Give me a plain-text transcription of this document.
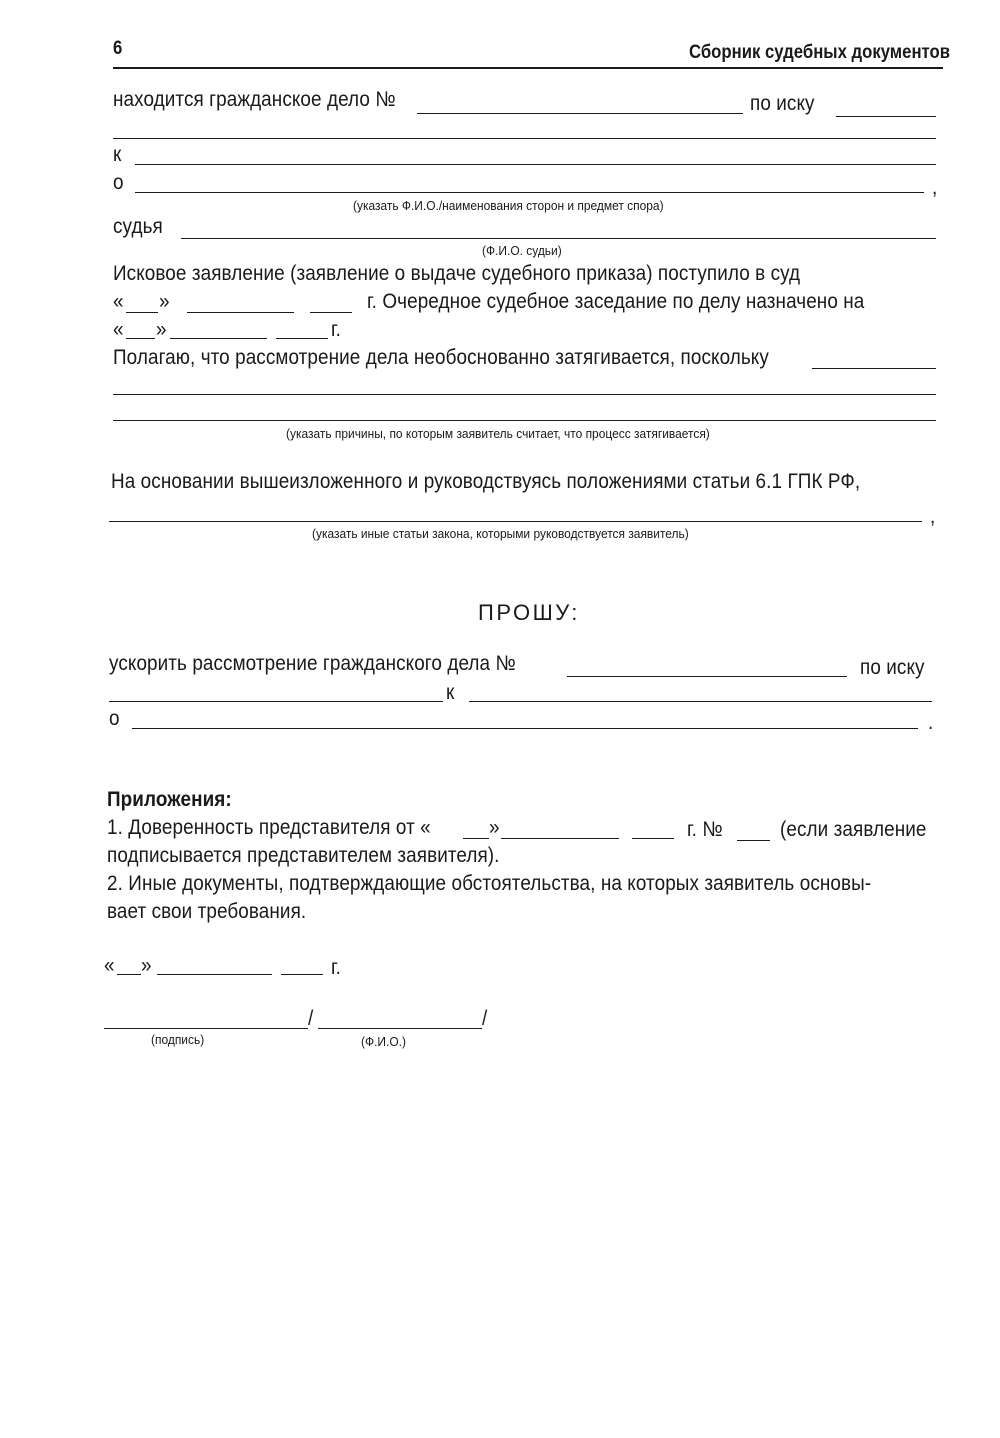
6	Сборник судебных документов
находится гражданское дело №	по иску
к
о	,
(указать Ф.И.О./наименования сторон и предмет спора)
судья
(Ф.И.О. судьи)
Исковое заявление (заявление о выдаче судебного приказа) поступило в суд
« »	г. Очередное судебное заседание по делу назначено на
« »	г.
Полагаю, что рассмотрение дела необоснованно затягивается, поскольку
(указать причины, по которым заявитель считает, что процесс затягивается)
На основании вышеизложенного и руководствуясь положениями статьи 6.1 ГПК РФ,
,
(указать иные статьи закона, которыми руководствуется заявитель)
ПРОШУ:
ускорить рассмотрение гражданского дела №	по иску
к
о	.
Приложения:
1. Доверенность представителя от «	»	г. №	(если заявление
подписывается представителем заявителя).
2. Иные документы, подтверждающие обстоятельства, на которых заявитель основы-
вает свои требования.
« »	г.
/	/
(подпись)	(Ф.И.О.)
